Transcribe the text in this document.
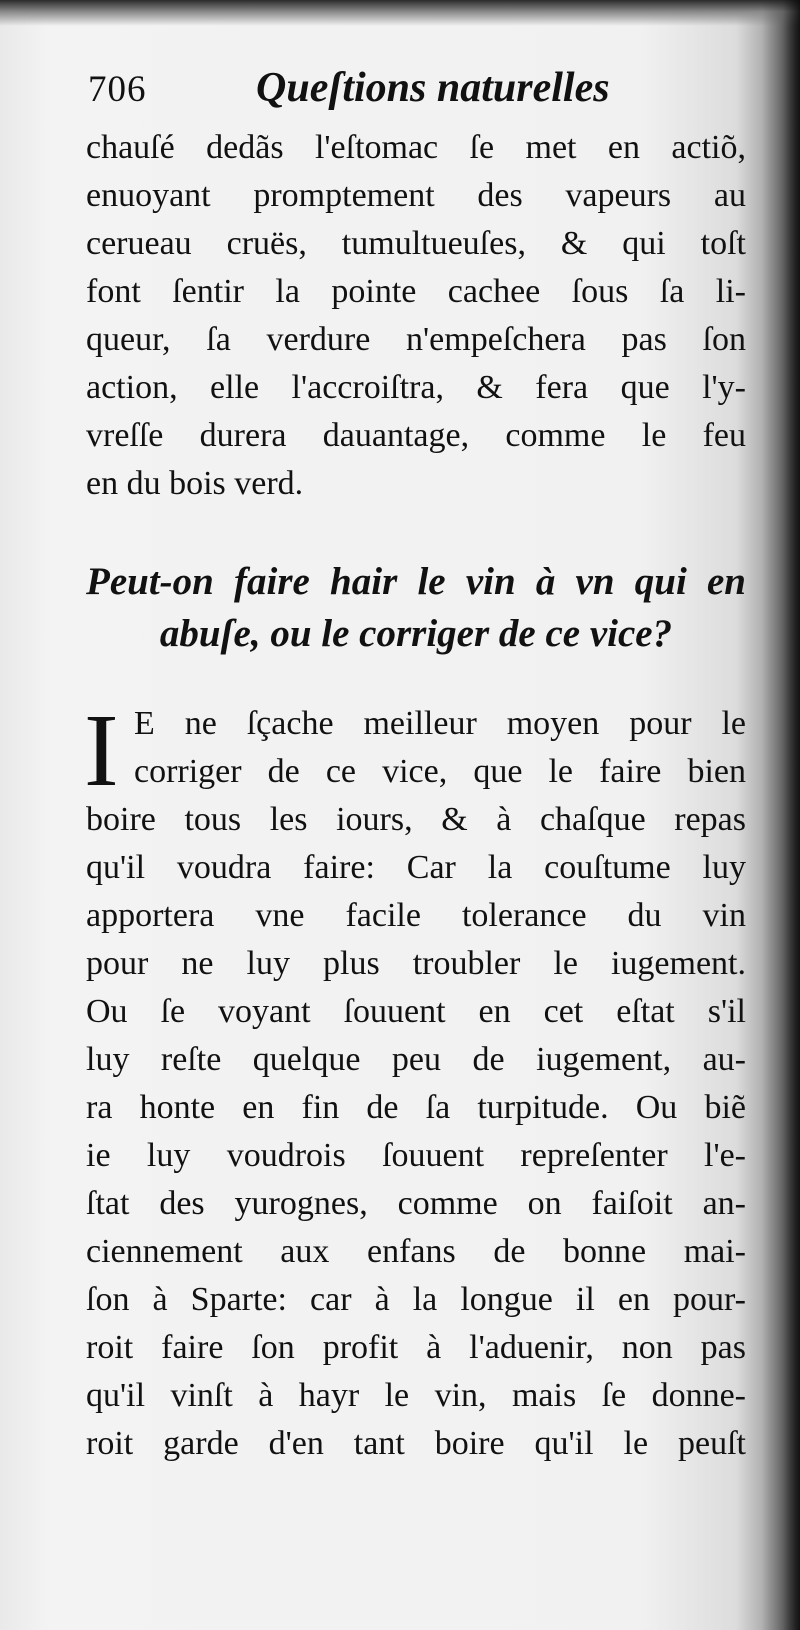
706	Queſtions naturelles
chauſé dedãs l'eſtomac ſe met en actiõ,
enuoyant promptement des vapeurs au
cerueau cruës, tumultueuſes, & qui toſt
font ſentir la pointe cachee ſous ſa li-
queur, ſa verdure n'empeſchera pas ſon
action, elle l'accroiſtra, & fera que l'y-
vreſſe durera dauantage, comme le feu
en du bois verd.
Peut-on faire hair le vin à vn qui en
abuſe, ou le corriger de ce vice?
I E ne ſçache meilleur moyen pour le
corriger de ce vice, que le faire bien
boire tous les iours, & à chaſque repas
qu'il voudra faire: Car la couſtume luy
apportera vne facile tolerance du vin
pour ne luy plus troubler le iugement.
Ou ſe voyant ſouuent en cet eſtat s'il
luy reſte quelque peu de iugement, au-
ra honte en fin de ſa turpitude. Ou biẽ
ie luy voudrois ſouuent repreſenter l'e-
ſtat des yurognes, comme on faiſoit an-
ciennement aux enfans de bonne mai-
ſon à Sparte: car à la longue il en pour-
roit faire ſon profit à l'aduenir, non pas
qu'il vinſt à hayr le vin, mais ſe donne-
roit garde d'en tant boire qu'il le peuſt
